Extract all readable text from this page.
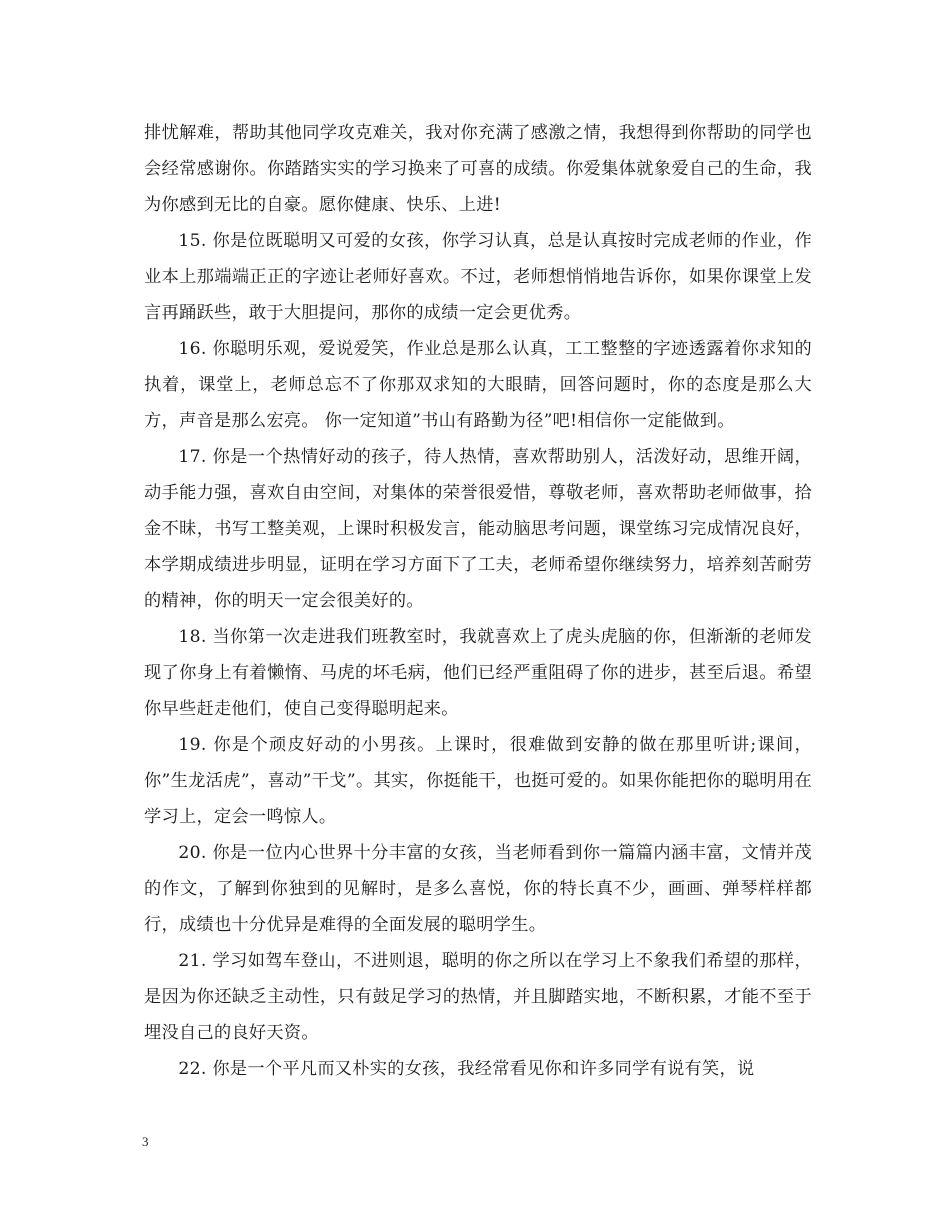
排忧解难，帮助其他同学攻克难关，我对你充满了感激之情，我想得到你帮助的同学也会经常感谢你。你踏踏实实的学习换来了可喜的成绩。你爱集体就象爱自己的生命，我为你感到无比的自豪。愿你健康、快乐、上进!

15. 你是位既聪明又可爱的女孩，你学习认真，总是认真按时完成老师的作业，作业本上那端端正正的字迹让老师好喜欢。不过，老师想悄悄地告诉你，如果你课堂上发言再踊跃些，敢于大胆提问，那你的成绩一定会更优秀。

16. 你聪明乐观，爱说爱笑，作业总是那么认真，工工整整的字迹透露着你求知的执着，课堂上，老师总忘不了你那双求知的大眼睛，回答问题时，你的态度是那么大方，声音是那么宏亮。 你一定知道”书山有路勤为径”吧!相信你一定能做到。

17. 你是一个热情好动的孩子，待人热情，喜欢帮助别人，活泼好动，思维开阔，动手能力强，喜欢自由空间，对集体的荣誉很爱惜，尊敬老师，喜欢帮助老师做事，拾金不昧，书写工整美观，上课时积极发言，能动脑思考问题，课堂练习完成情况良好，本学期成绩进步明显，证明在学习方面下了工夫，老师希望你继续努力，培养刻苦耐劳的精神，你的明天一定会很美好的。

18. 当你第一次走进我们班教室时，我就喜欢上了虎头虎脑的你，但渐渐的老师发现了你身上有着懒惰、马虎的坏毛病，他们已经严重阻碍了你的进步，甚至后退。希望你早些赶走他们，使自己变得聪明起来。

19. 你是个顽皮好动的小男孩。上课时，很难做到安静的做在那里听讲;课间，你”生龙活虎”，喜动”干戈”。其实，你挺能干，也挺可爱的。如果你能把你的聪明用在学习上，定会一鸣惊人。

20. 你是一位内心世界十分丰富的女孩，当老师看到你一篇篇内涵丰富，文情并茂的作文，了解到你独到的见解时，是多么喜悦，你的特长真不少，画画、弹琴样样都行，成绩也十分优异是难得的全面发展的聪明学生。

21. 学习如驾车登山，不进则退，聪明的你之所以在学习上不象我们希望的那样，是因为你还缺乏主动性，只有鼓足学习的热情，并且脚踏实地，不断积累，才能不至于埋没自己的良好天资。

22. 你是一个平凡而又朴实的女孩，我经常看见你和许多同学有说有笑，说

3
